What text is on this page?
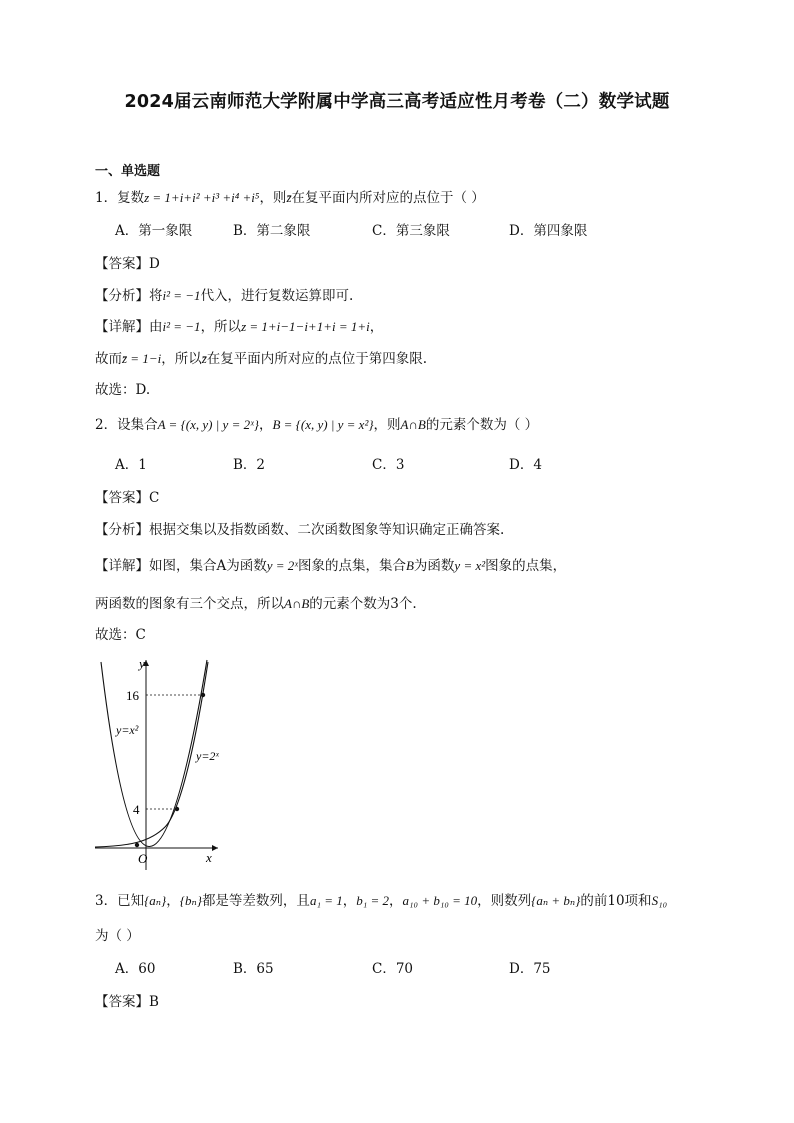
2024届云南师范大学附属中学高三高考适应性月考卷（二）数学试题
一、单选题
1．复数z = 1+i+i² +i³ +i⁴ +i⁵，则z̄在复平面内所对应的点位于（ ）
A．第一象限	B．第二象限	C．第三象限	D．第四象限
【答案】D
【分析】将i² = −1代入，进行复数运算即可.
【详解】由i² = −1，所以z = 1+i−1−i+1+i = 1+i，
故而z̄ = 1−i，所以z̄在复平面内所对应的点位于第四象限.
故选：D.
2．设集合A = {(x, y) | y = 2ˣ}，B = {(x, y) | y = x²}，则A∩B的元素个数为（ ）
A．1	B．2	C．3	D．4
【答案】C
【分析】根据交集以及指数函数、二次函数图象等知识确定正确答案.
【详解】如图，集合A为函数y = 2ˣ图象的点集，集合B为函数y = x²图象的点集，
两函数的图象有三个交点，所以A∩B的元素个数为3个.
故选：C
y
x
O
16
4
y=x²
y=2ˣ
3．已知{aₙ}，{bₙ}都是等差数列，且a₁ = 1，b₁ = 2，a₁₀ + b₁₀ = 10，则数列{aₙ + bₙ}的前10项和S₁₀
为（ ）
A．60	B．65	C．70	D．75
【答案】B
